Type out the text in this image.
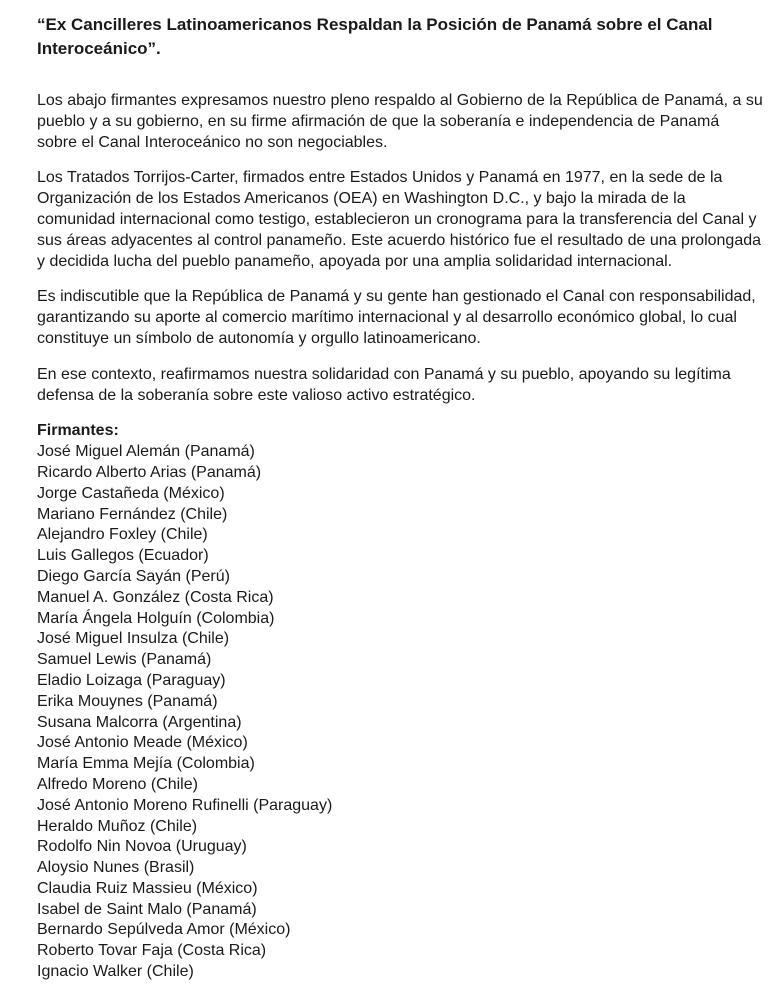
“Ex Cancilleres Latinoamericanos Respaldan la Posición de Panamá sobre el Canal Interoceánico”.

Los abajo firmantes expresamos nuestro pleno respaldo al Gobierno de la República de Panamá, a su pueblo y a su gobierno, en su firme afirmación de que la soberanía e independencia de Panamá sobre el Canal Interoceánico no son negociables.

Los Tratados Torrijos-Carter, firmados entre Estados Unidos y Panamá en 1977, en la sede de la Organización de los Estados Americanos (OEA) en Washington D.C., y bajo la mirada de la comunidad internacional como testigo, establecieron un cronograma para la transferencia del Canal y sus áreas adyacentes al control panameño. Este acuerdo histórico fue el resultado de una prolongada y decidida lucha del pueblo panameño, apoyada por una amplia solidaridad internacional.

Es indiscutible que la República de Panamá y su gente han gestionado el Canal con responsabilidad, garantizando su aporte al comercio marítimo internacional y al desarrollo económico global, lo cual constituye un símbolo de autonomía y orgullo latinoamericano.

En ese contexto, reafirmamos nuestra solidaridad con Panamá y su pueblo, apoyando su legítima defensa de la soberanía sobre este valioso activo estratégico.

Firmantes:

José Miguel Alemán (Panamá)
Ricardo Alberto Arias (Panamá)
Jorge Castañeda (México)
Mariano Fernández (Chile)
Alejandro Foxley (Chile)
Luis Gallegos (Ecuador)
Diego García Sayán (Perú)
Manuel A. González (Costa Rica)
María Ángela Holguín (Colombia)
José Miguel Insulza (Chile)
Samuel Lewis (Panamá)
Eladio Loizaga (Paraguay)
Erika Mouynes (Panamá)
Susana Malcorra (Argentina)
José Antonio Meade (México)
María Emma Mejía (Colombia)
Alfredo Moreno (Chile)
José Antonio Moreno Rufinelli (Paraguay)
Heraldo Muñoz (Chile)
Rodolfo Nin Novoa (Uruguay)
Aloysio Nunes (Brasil)
Claudia Ruiz Massieu (México)
Isabel de Saint Malo (Panamá)
Bernardo Sepúlveda Amor (México)
Roberto Tovar Faja (Costa Rica)
Ignacio Walker (Chile)
